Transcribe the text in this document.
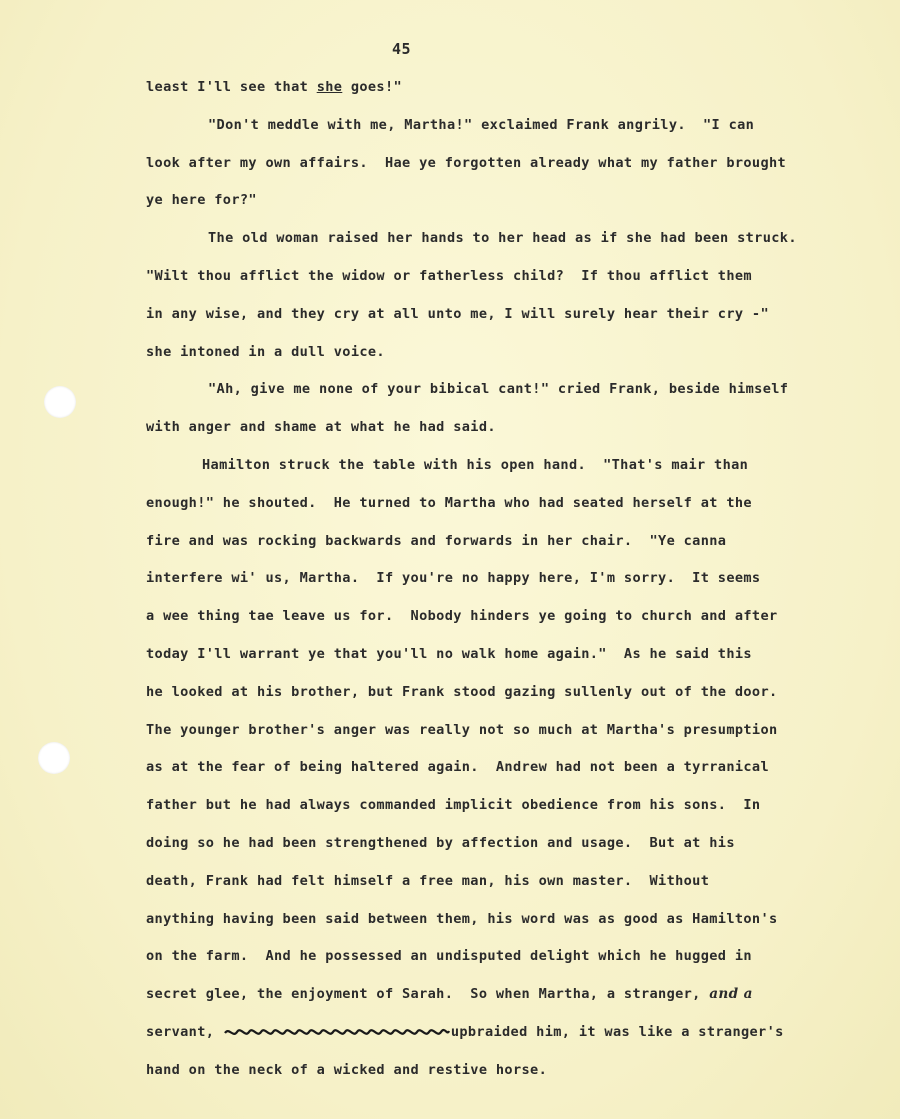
45
least I'll see that she goes!"
"Don't meddle with me, Martha!" exclaimed Frank angrily.  "I can
look after my own affairs.  Hae ye forgotten already what my father brought
ye here for?"
The old woman raised her hands to her head as if she had been struck.
"Wilt thou afflict the widow or fatherless child?  If thou afflict them
in any wise, and they cry at all unto me, I will surely hear their cry -"
she intoned in a dull voice.
"Ah, give me none of your bibical cant!" cried Frank, beside himself
with anger and shame at what he had said.
Hamilton struck the table with his open hand.  "That's mair than
enough!" he shouted.  He turned to Martha who had seated herself at the
fire and was rocking backwards and forwards in her chair.  "Ye canna
interfere wi' us, Martha.  If you're no happy here, I'm sorry.  It seems
a wee thing tae leave us for.  Nobody hinders ye going to church and after
today I'll warrant ye that you'll no walk home again."  As he said this
he looked at his brother, but Frank stood gazing sullenly out of the door.
The younger brother's anger was really not so much at Martha's presumption
as at the fear of being haltered again.  Andrew had not been a tyrranical
father but he had always commanded implicit obedience from his sons.  In
doing so he had been strengthened by affection and usage.  But at his
death, Frank had felt himself a free man, his own master.  Without
anything having been said between them, his word was as good as Hamilton's
on the farm.  And he possessed an undisputed delight which he hugged in
secret glee, the enjoyment of Sarah.  So when Martha, a stranger, and a
servant,	upbraided him, it was like a stranger's
hand on the neck of a wicked and restive horse.
